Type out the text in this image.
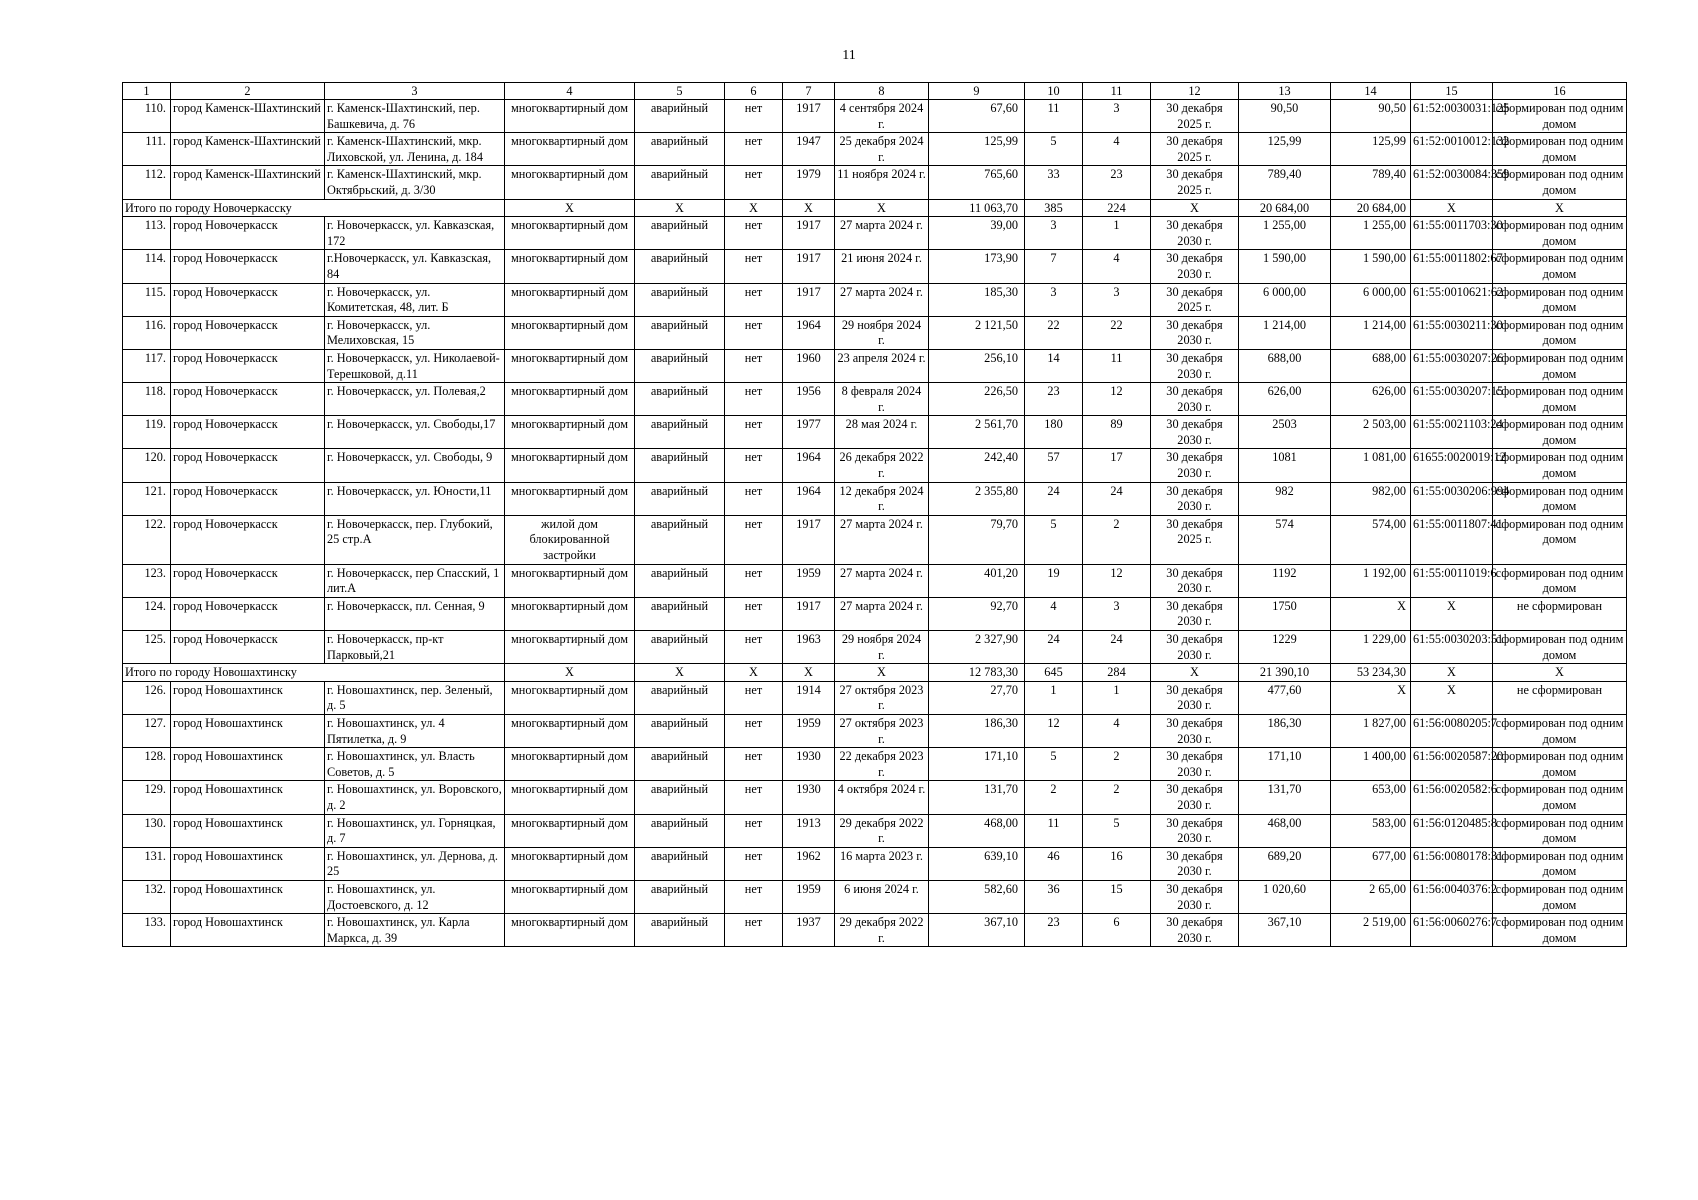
11
1	2	3	4	5	6	7	8	9	10	11	12	13	14	15	16
110.	город Каменск-Шахтинский	г. Каменск-Шахтинский, пер. Башкевича, д. 76	многоквартирный дом	аварийный	нет	1917	4 сентября 2024 г.	67,60	11	3	30 декабря 2025 г.	90,50	90,50	61:52:0030031:125	сформирован под одним домом
111.	город Каменск-Шахтинский	г. Каменск-Шахтинский, мкр. Лиховской, ул. Ленина, д. 184	многоквартирный дом	аварийный	нет	1947	25 декабря 2024 г.	125,99	5	4	30 декабря 2025 г.	125,99	125,99	61:52:0010012:132	сформирован под одним домом
112.	город Каменск-Шахтинский	г. Каменск-Шахтинский, мкр. Октябрьский, д. 3/30	многоквартирный дом	аварийный	нет	1979	11 ноября 2024 г.	765,60	33	23	30 декабря 2025 г.	789,40	789,40	61:52:0030084:359	сформирован под одним домом
Итого по городу Новочеркасску			X	X	X	X	X	11 063,70	385	224	X	20 684,00	20 684,00	X	X
113.	город Новочеркасск	г. Новочеркасск, ул. Кавказская, 172	многоквартирный дом	аварийный	нет	1917	27 марта 2024 г.	39,00	3	1	30 декабря 2030 г.	1 255,00	1 255,00	61:55:0011703:30	сформирован под одним домом
114.	город Новочеркасск	г.Новочеркасск, ул. Кавказская, 84	многоквартирный дом	аварийный	нет	1917	21 июня 2024 г.	173,90	7	4	30 декабря 2030 г.	1 590,00	1 590,00	61:55:0011802:67	сформирован под одним домом
115.	город Новочеркасск	г. Новочеркасск, ул. Комитетская, 48, лит. Б	многоквартирный дом	аварийный	нет	1917	27 марта 2024 г.	185,30	3	3	30 декабря 2025 г.	6 000,00	6 000,00	61:55:0010621:62	сформирован под одним домом
116.	город Новочеркасск	г. Новочеркасск, ул. Мелиховская, 15	многоквартирный дом	аварийный	нет	1964	29 ноября 2024 г.	2 121,50	22	22	30 декабря 2030 г.	1 214,00	1 214,00	61:55:0030211:30	сформирован под одним домом
117.	город Новочеркасск	г. Новочеркасск, ул. Николаевой-Терешковой, д.11	многоквартирный дом	аварийный	нет	1960	23 апреля 2024 г.	256,10	14	11	30 декабря 2030 г.	688,00	688,00	61:55:0030207:26	сформирован под одним домом
118.	город Новочеркасск	г. Новочеркасск, ул. Полевая,2	многоквартирный дом	аварийный	нет	1956	8 февраля 2024 г.	226,50	23	12	30 декабря 2030 г.	626,00	626,00	61:55:0030207:15	сформирован под одним домом
119.	город Новочеркасск	г. Новочеркасск, ул. Свободы,17	многоквартирный дом	аварийный	нет	1977	28 мая 2024 г.	2 561,70	180	89	30 декабря 2030 г.	2503	2 503,00	61:55:0021103:24	сформирован под одним домом
120.	город Новочеркасск	г. Новочеркасск, ул. Свободы, 9	многоквартирный дом	аварийный	нет	1964	26 декабря 2022 г.	242,40	57	17	30 декабря 2030 г.	1081	1 081,00	61655:0020019:12	сформирован под одним домом
121.	город Новочеркасск	г. Новочеркасск, ул. Юности,11	многоквартирный дом	аварийный	нет	1964	12 декабря 2024 г.	2 355,80	24	24	30 декабря 2030 г.	982	982,00	61:55:0030206:994	сформирован под одним домом
122.	город Новочеркасск	г. Новочеркасск, пер. Глубокий, 25 стр.А	жилой дом блокированной застройки	аварийный	нет	1917	27 марта 2024 г.	79,70	5	2	30 декабря 2025 г.	574	574,00	61:55:0011807:41	сформирован под одним домом
123.	город Новочеркасск	г. Новочеркасск, пер Спасский, 1 лит.А	многоквартирный дом	аварийный	нет	1959	27 марта 2024 г.	401,20	19	12	30 декабря 2030 г.	1192	1 192,00	61:55:0011019:6	сформирован под одним домом
124.	город Новочеркасск	г. Новочеркасск, пл. Сенная, 9	многоквартирный дом	аварийный	нет	1917	27 марта 2024 г.	92,70	4	3	30 декабря 2030 г.	1750	X	X	не сформирован
125.	город Новочеркасск	г. Новочеркасск, пр-кт Парковый,21	многоквартирный дом	аварийный	нет	1963	29 ноября 2024 г.	2 327,90	24	24	30 декабря 2030 г.	1229	1 229,00	61:55:0030203:51	сформирован под одним домом
Итого по городу Новошахтинску			X	X	X	X	X	12 783,30	645	284	X	21 390,10	53 234,30	X	X
126.	город Новошахтинск	г. Новошахтинск, пер. Зеленый, д. 5	многоквартирный дом	аварийный	нет	1914	27 октября 2023 г.	27,70	1	1	30 декабря 2030 г.	477,60	X	X	не сформирован
127.	город Новошахтинск	г. Новошахтинск, ул. 4 Пятилетка, д. 9	многоквартирный дом	аварийный	нет	1959	27 октября 2023 г.	186,30	12	4	30 декабря 2030 г.	186,30	1 827,00	61:56:0080205:7	сформирован под одним домом
128.	город Новошахтинск	г. Новошахтинск, ул. Власть Советов, д. 5	многоквартирный дом	аварийный	нет	1930	22 декабря 2023 г.	171,10	5	2	30 декабря 2030 г.	171,10	1 400,00	61:56:0020587:20	сформирован под одним домом
129.	город Новошахтинск	г. Новошахтинск, ул. Воровского, д. 2	многоквартирный дом	аварийный	нет	1930	4 октября 2024 г.	131,70	2	2	30 декабря 2030 г.	131,70	653,00	61:56:0020582:6	сформирован под одним домом
130.	город Новошахтинск	г. Новошахтинск, ул. Горняцкая, д. 7	многоквартирный дом	аварийный	нет	1913	29 декабря 2022 г.	468,00	11	5	30 декабря 2030 г.	468,00	583,00	61:56:0120485:8	сформирован под одним домом
131.	город Новошахтинск	г. Новошахтинск, ул. Дернова, д. 25	многоквартирный дом	аварийный	нет	1962	16 марта 2023 г.	639,10	46	16	30 декабря 2030 г.	689,20	677,00	61:56:0080178:31	сформирован под одним домом
132.	город Новошахтинск	г. Новошахтинск, ул. Достоевского, д. 12	многоквартирный дом	аварийный	нет	1959	6 июня 2024 г.	582,60	36	15	30 декабря 2030 г.	1 020,60	2 65,00	61:56:0040376:2	сформирован под одним домом
133.	город Новошахтинск	г. Новошахтинск, ул. Карла Маркса, д. 39	многоквартирный дом	аварийный	нет	1937	29 декабря 2022 г.	367,10	23	6	30 декабря 2030 г.	367,10	2 519,00	61:56:0060276:7	сформирован под одним домом
